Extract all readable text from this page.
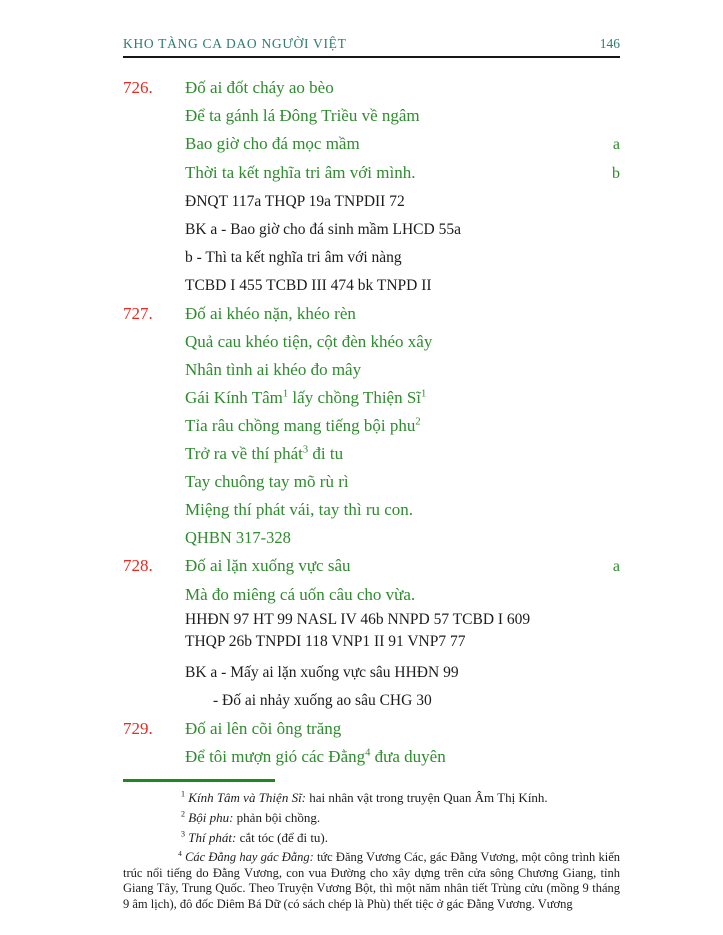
KHO TÀNG CA DAO NGƯỜI VIỆT	146
726. Đố ai đốt cháy ao bèo
Để ta gánh lá Đông Triều về ngâm
Bao giờ cho đá mọc mầm	a
Thời ta kết nghĩa tri âm với mình.	b
ĐNQT 117a THQP 19a TNPDII 72
BK a - Bao giờ cho đá sinh mầm LHCD 55a
b - Thì ta kết nghĩa tri âm với nàng
TCBD I 455 TCBD III 474 bk TNPD II
727. Đố ai khéo nặn, khéo rèn
Quả cau khéo tiện, cột đèn khéo xây
Nhân tình ai khéo đo mây
Gái Kính Tâm$^1$ lấy chồng Thiện $Sĩ^1$
Tỉa râu chồng mang tiếng bội phu$^2$
Trở ra về thí phát$^3$ đi tu
Tay chuông tay mõ rù rì
Miệng thí phát vái, tay thì ru con.
QHBN 317-328
728. Đố ai lặn xuống vực sâu	a
Mà đo miêng cá uốn câu cho vừa.
HHĐN 97 HT 99 NASL IV 46b NNPD 57 TCBD I 609
THQP 26b TNPDI 118 VNP1 II 91 VNP7 77
BK a - Mấy ai lặn xuống vực sâu HHĐN 99
- Đố ai nhảy xuống ao sâu CHG 30
729. Đố ai lên cõi ông trăng
Để tôi mượn gió các Đằng$^4$ đưa duyên
$^1$ Kính Tâm và Thiện Sĩ: hai nhân vật trong truyện Quan Âm Thị Kính.
$^2$ Bội phu: phản bội chồng.
$^3$ Thí phát: cắt tóc (để đi tu).
$^4$ Các Đằng hay gác Đằng: tức Đăng Vương Các, gác Đằng Vương, một công trình kiến trúc nổi tiếng do Đằng Vương, con vua Đường cho xây dựng trên cửa sông Chương Giang, tỉnh Giang Tây, Trung Quốc. Theo Truyện Vương Bột, thì một năm nhân tiết Trùng cửu (mồng 9 tháng 9 âm lịch), đô đốc Diêm Bá Dữ (có sách chép là Phù) thết tiệc ở gác Đằng Vương. Vương
